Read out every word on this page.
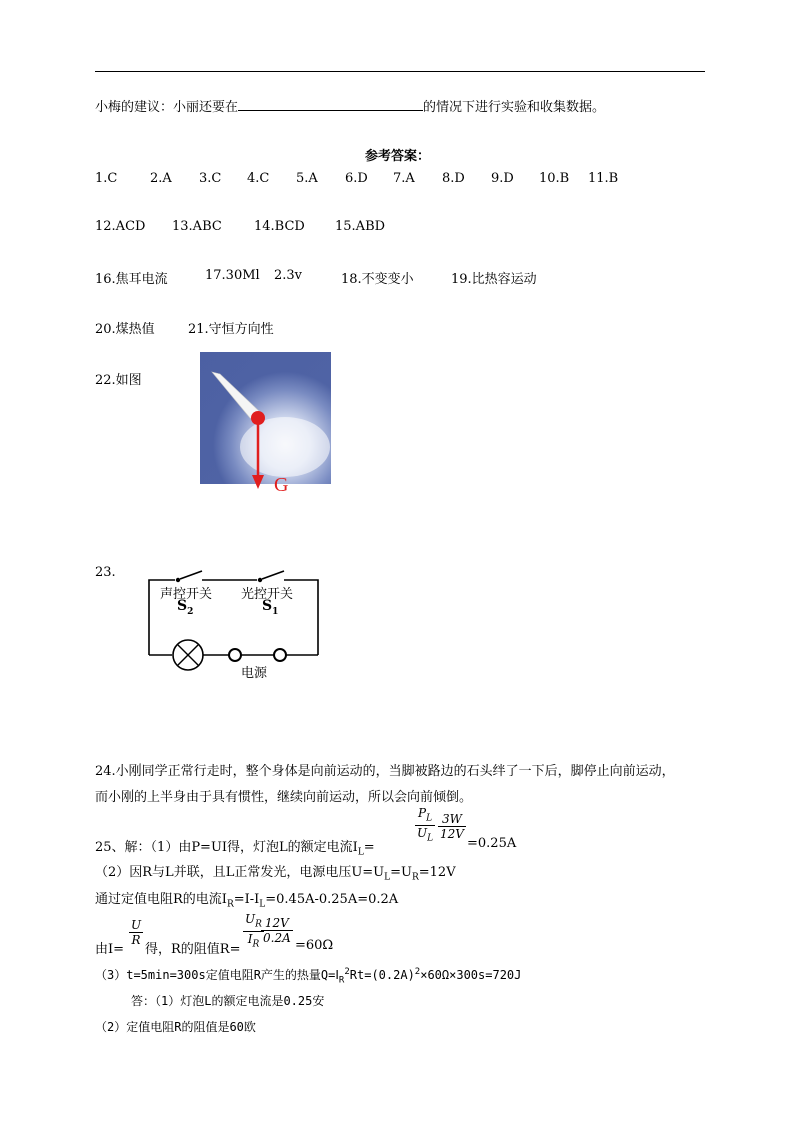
小梅的建议：小丽还要在	的情况下进行实验和收集数据。
参考答案：
1.C	2.A 3.C 4.C 5.A 6.D 7.A 8.D 9.D 10.B 11.B
12.ACD 13.ABC 14.BCD 15.ABD
16.焦耳电流	17.30Ml 2.3v	18.不变变小	19.比热容运动
20.煤热值	21.守恒方向性
22.如图
G
23.
声控开关
$S_2$
光控开关
$S_1$
电源
24.小刚同学正常行走时，整个身体是向前运动的，当脚被路边的石头绊了一下后，脚停止向前运动，
而小刚的上半身由于具有惯性，继续向前运动，所以会向前倾倒。
25、解：（1）由P=UⅠ得，灯泡L的额定电流$Ⅰ_L=$
$\frac{P_L}{U_L} \frac{3W}{12V}$
=0.25A
（2）因R与L并联，且L正常发光，电源电压$U=U_L=U_R=12V$
通过定值电阻R的电流$Ⅰ_R=Ⅰ-Ⅰ_L=0.45A-0.25A=0.2A$
由Ⅰ=
$\frac{U}{R}$
得，R的阻值$R= \frac{U_R}{I_R}$
$\frac{12V}{0.2A}$
=60Ω
（3）t=5min=300s定值电阻R产生的热量$Q=Ⅰ_R^2Rt=(0.2A)^2\times 60\Omega\times 300s=720J$
答：（1）灯泡L的额定电流是0.25安
（2）定值电阻R的阻值是60欧
